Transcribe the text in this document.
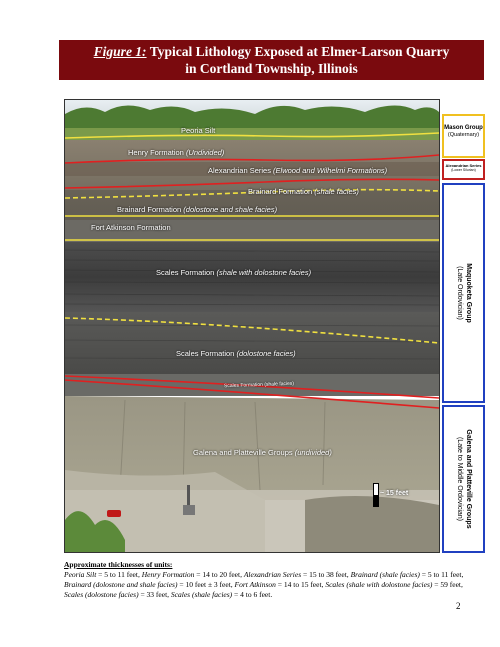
Figure 1: Typical Lithology Exposed at Elmer-Larson Quarry
in Cortland Township, Illinois
Peoria Silt
Henry Formation (Undivided)
Alexandrian Series (Elwood and Wilhelmi Formations)
Brainard Formation (shale facies)
Brainard Formation (dolostone and shale facies)
Fort Atkinson Formation
Scales Formation (shale with dolostone facies)
Scales Formation (dolostone facies)
Scales Formation (shale facies)
Galena and Platteville Groups (undivided)
~ 15 feet
Mason Group
(Quaternary)
Alexandrian Series
(Lower Silurian)
Maquoketa Group
(Late Ordovician)
Galena and Platteville Groups
(Late to Middle Ordovician)
Approximate thicknesses of units:
Peoria Silt = 5 to 11 feet, Henry Formation = 14 to 20 feet, Alexandrian Series = 15 to 38 feet, Brainard (shale facies) = 5 to 11 feet, Brainard (dolostone and shale facies) = 10 feet ± 3 feet, Fort Atkinson = 14 to 15 feet, Scales (shale with dolostone facies) = 59 feet, Scales (dolostone facies) = 33 feet, Scales (shale facies) = 4 to 6 feet.
2
